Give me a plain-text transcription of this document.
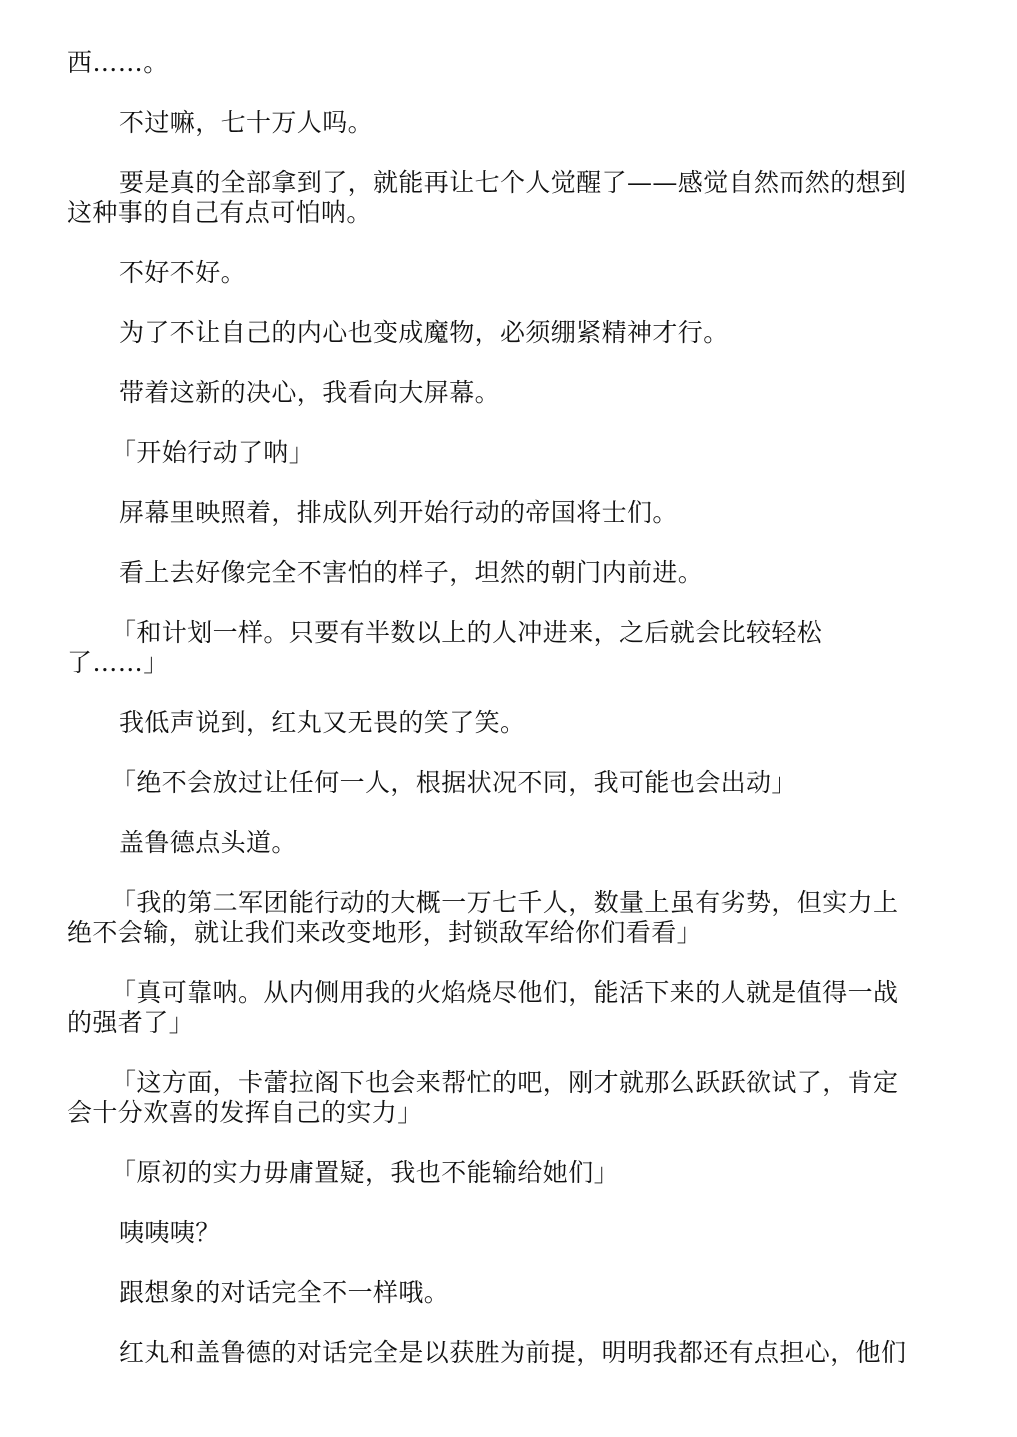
西……。

不过嘛，七十万人吗。

要是真的全部拿到了，就能再让七个人觉醒了——感觉自然而然的想到
这种事的自己有点可怕呐。

不好不好。

为了不让自己的内心也变成魔物，必须绷紧精神才行。

带着这新的决心，我看向大屏幕。

「开始行动了呐」

屏幕里映照着，排成队列开始行动的帝国将士们。

看上去好像完全不害怕的样子，坦然的朝门内前进。

「和计划一样。只要有半数以上的人冲进来，之后就会比较轻松
了……」

我低声说到，红丸又无畏的笑了笑。

「绝不会放过让任何一人，根据状况不同，我可能也会出动」

盖鲁德点头道。

「我的第二军团能行动的大概一万七千人，数量上虽有劣势，但实力上
绝不会输，就让我们来改变地形，封锁敌军给你们看看」

「真可靠呐。从内侧用我的火焰烧尽他们，能活下来的人就是值得一战
的强者了」

「这方面，卡蕾拉阁下也会来帮忙的吧，刚才就那么跃跃欲试了，肯定
会十分欢喜的发挥自己的实力」

「原初的实力毋庸置疑，我也不能输给她们」

咦咦咦？

跟想象的对话完全不一样哦。

红丸和盖鲁德的对话完全是以获胜为前提，明明我都还有点担心，他们
